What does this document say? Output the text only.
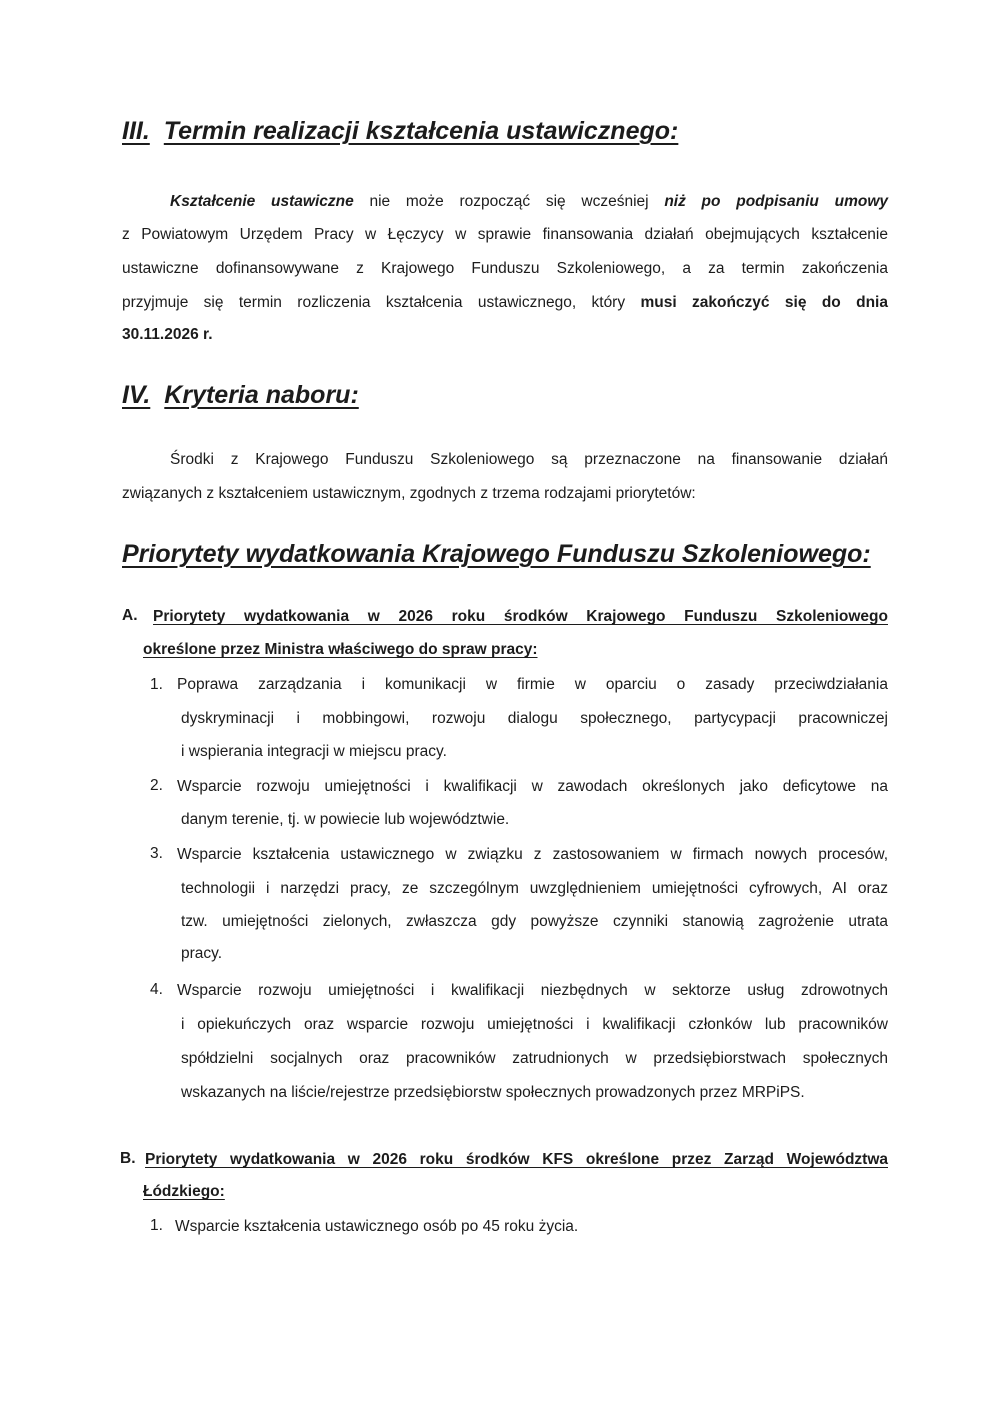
III. Termin realizacji kształcenia ustawicznego:
Kształcenie ustawiczne nie może rozpocząć się wcześniej niż po podpisaniu umowy
z Powiatowym Urzędem Pracy w Łęczycy w sprawie finansowania działań obejmujących kształcenie
ustawiczne dofinansowywane z Krajowego Funduszu Szkoleniowego, a za termin zakończenia
przyjmuje się termin rozliczenia kształcenia ustawicznego, który musi zakończyć się do dnia
30.11.2026 r.
IV. Kryteria naboru:
Środki z Krajowego Funduszu Szkoleniowego są przeznaczone na finansowanie działań
związanych z kształceniem ustawicznym, zgodnych z trzema rodzajami priorytetów:
Priorytety wydatkowania Krajowego Funduszu Szkoleniowego:
A. Priorytety wydatkowania w 2026 roku środków Krajowego Funduszu Szkoleniowego
określone przez Ministra właściwego do spraw pracy:
1. Poprawa zarządzania i komunikacji w firmie w oparciu o zasady przeciwdziałania
dyskryminacji i mobbingowi, rozwoju dialogu społecznego, partycypacji pracowniczej
i wspierania integracji w miejscu pracy.
2. Wsparcie rozwoju umiejętności i kwalifikacji w zawodach określonych jako deficytowe na
danym terenie, tj. w powiecie lub województwie.
3. Wsparcie kształcenia ustawicznego w związku z zastosowaniem w firmach nowych procesów,
technologii i narzędzi pracy, ze szczególnym uwzględnieniem umiejętności cyfrowych, AI oraz
tzw. umiejętności zielonych, zwłaszcza gdy powyższe czynniki stanowią zagrożenie utrata
pracy.
4. Wsparcie rozwoju umiejętności i kwalifikacji niezbędnych w sektorze usług zdrowotnych
i opiekuńczych oraz wsparcie rozwoju umiejętności i kwalifikacji członków lub pracowników
spółdzielni socjalnych oraz pracowników zatrudnionych w przedsiębiorstwach społecznych
wskazanych na liście/rejestrze przedsiębiorstw społecznych prowadzonych przez MRPiPS.
B. Priorytety wydatkowania w 2026 roku środków KFS określone przez Zarząd Województwa
Łódzkiego:
1. Wsparcie kształcenia ustawicznego osób po 45 roku życia.
